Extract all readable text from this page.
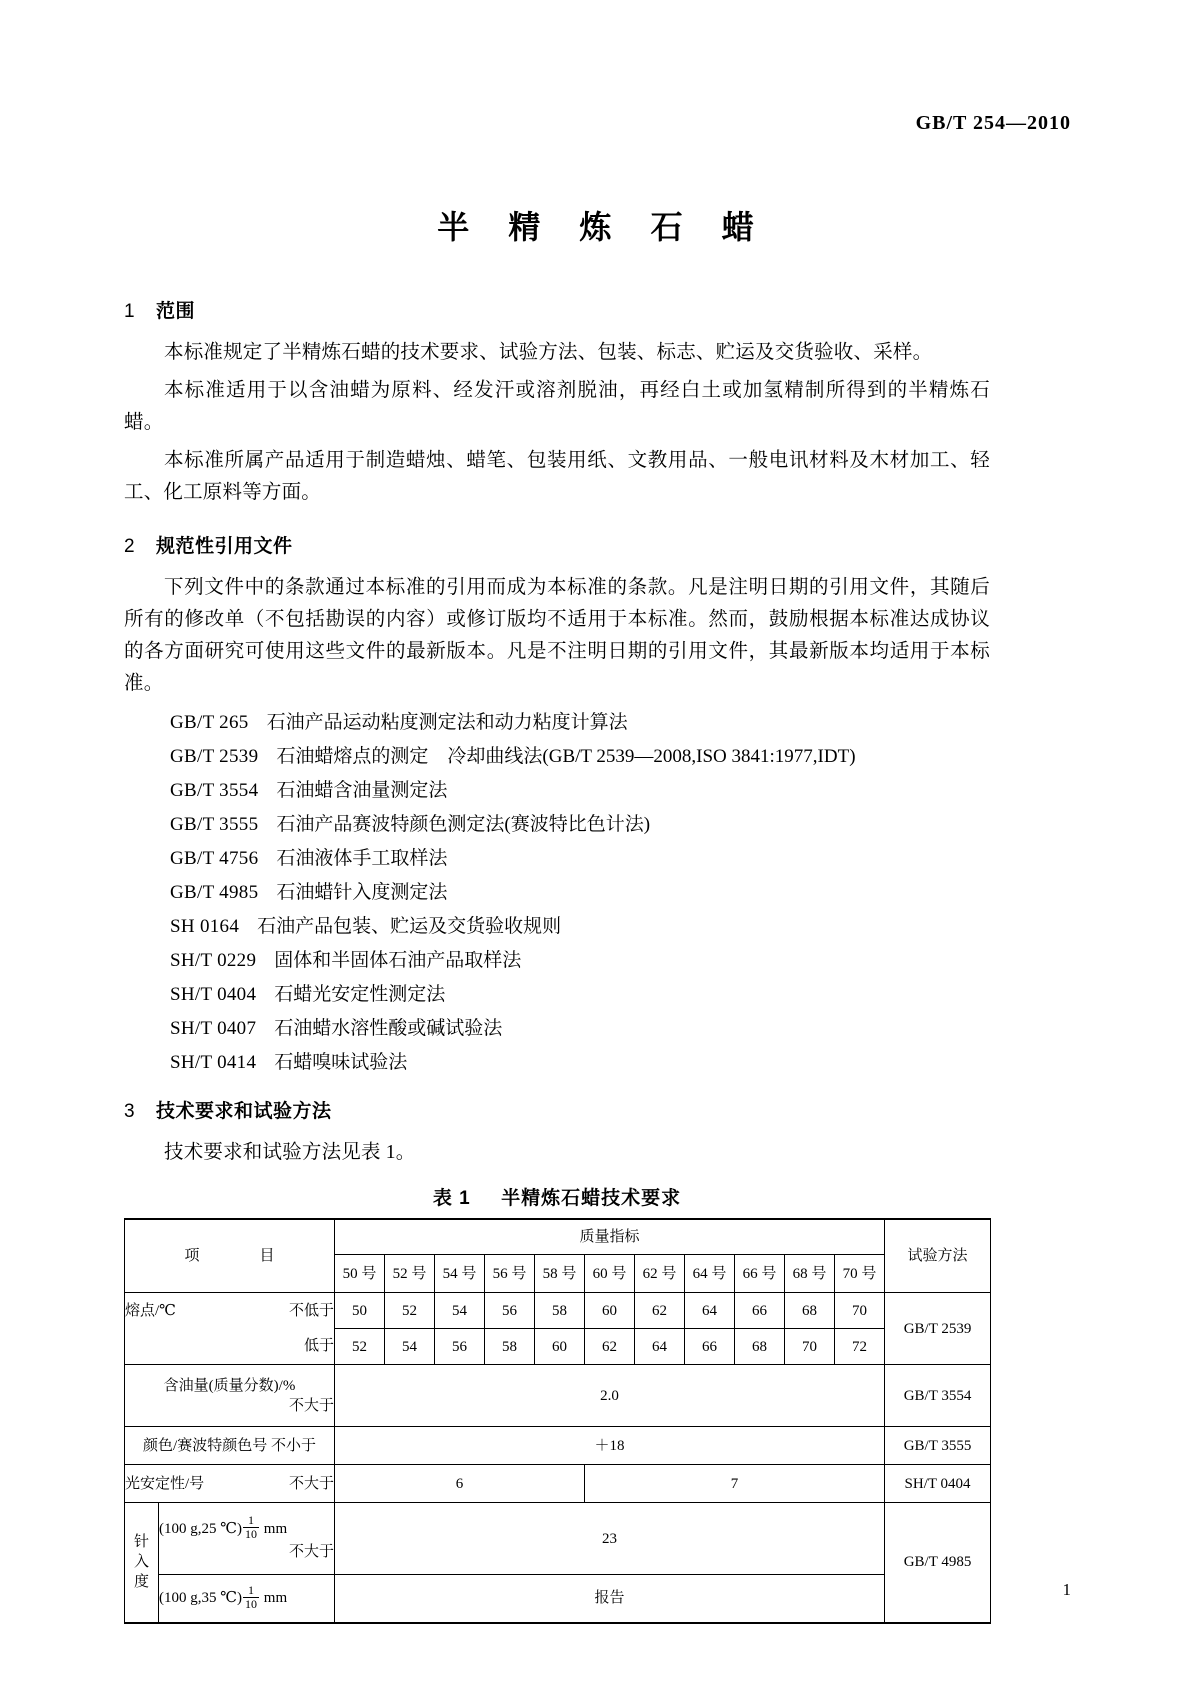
GB/T 254—2010
半 精 炼 石 蜡
1 范围

本标准规定了半精炼石蜡的技术要求、试验方法、包装、标志、贮运及交货验收、采样。

本标准适用于以含油蜡为原料、经发汗或溶剂脱油，再经白土或加氢精制所得到的半精炼石蜡。

本标准所属产品适用于制造蜡烛、蜡笔、包装用纸、文教用品、一般电讯材料及木材加工、轻工、化工原料等方面。

2 规范性引用文件

下列文件中的条款通过本标准的引用而成为本标准的条款。凡是注明日期的引用文件，其随后所有的修改单（不包括勘误的内容）或修订版均不适用于本标准。然而，鼓励根据本标准达成协议的各方面研究可使用这些文件的最新版本。凡是不注明日期的引用文件，其最新版本均适用于本标准。

GB/T 265 石油产品运动粘度测定法和动力粘度计算法
GB/T 2539 石油蜡熔点的测定　冷却曲线法(GB/T 2539—2008,ISO 3841:1977,IDT)
GB/T 3554 石油蜡含油量测定法
GB/T 3555 石油产品赛波特颜色测定法(赛波特比色计法)
GB/T 4756 石油液体手工取样法
GB/T 4985 石油蜡针入度测定法
SH 0164 石油产品包装、贮运及交货验收规则
SH/T 0229 固体和半固体石油产品取样法
SH/T 0404 石蜡光安定性测定法
SH/T 0407 石油蜡水溶性酸或碱试验法
SH/T 0414 石蜡嗅味试验法
3 技术要求和试验方法

技术要求和试验方法见表 1。

表 1 半精炼石蜡技术要求
项　　目		质量指标											试验方法
		50 号	52 号	54 号	56 号	58 号	60 号	62 号	64 号	66 号	68 号	70 号	

熔点/℃ 不低于		50	52	54	56	58	60	62	64	66	68	70	GB/T 2539

低于		52	54	56	58	60	62	64	66	68	70	72	

含油量(质量分数)/%
不大于		2.0											GB/T 3554
颜色/赛波特颜色号 不小于		＋18											GB/T 3555

光安定性/号 不大于		6					7						SH/T 0404

针
入
度	(100 g,25 ℃) $\frac{1}{10}$
mm
不大于	23											GB/T 4985

	(100 g,35 ℃) $\frac{1}{10}$
mm	报告												1
